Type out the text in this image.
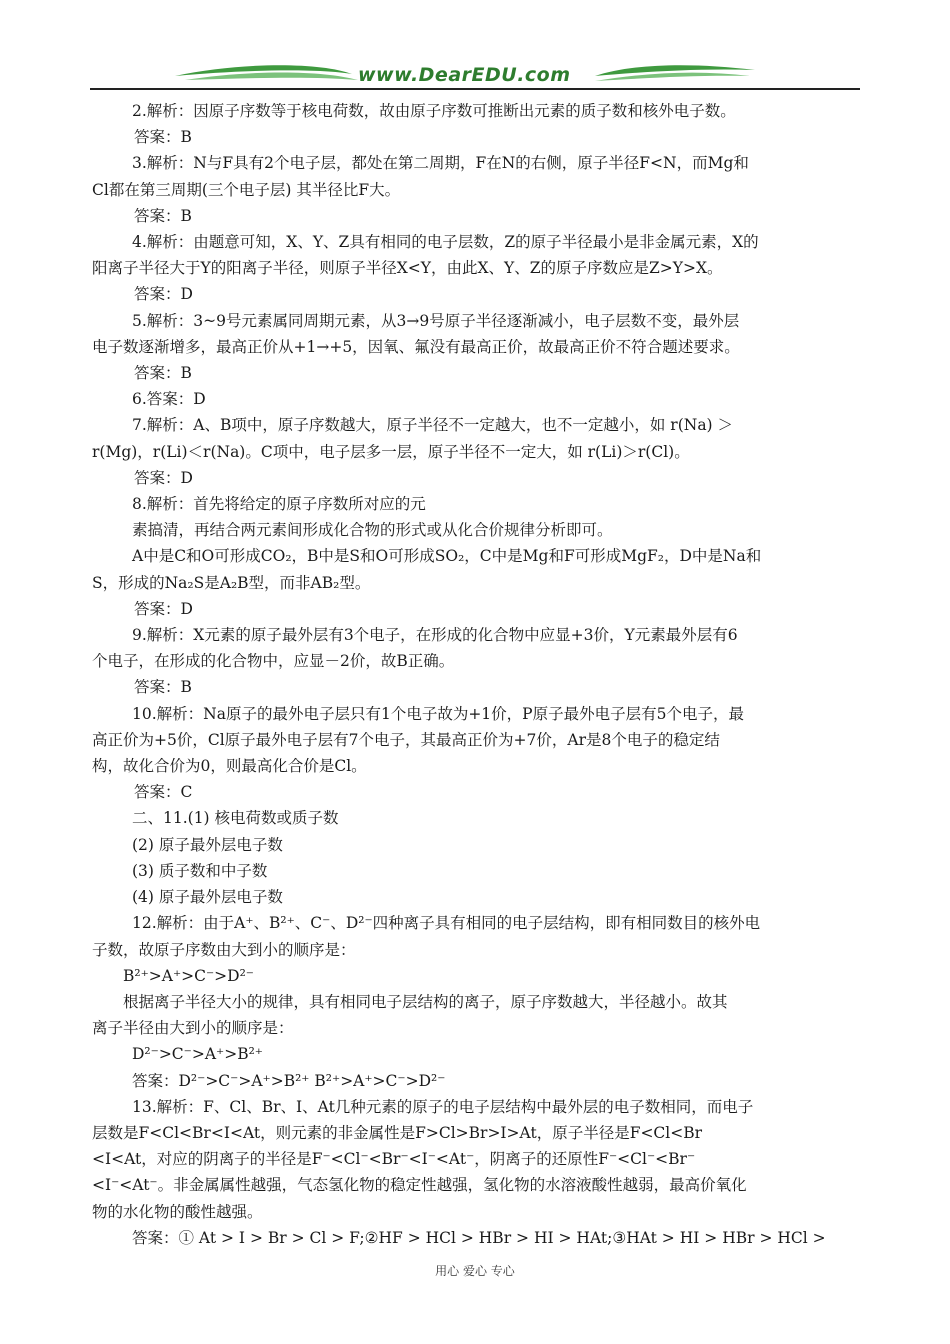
www.DearEDU.com

2.解析：因原子序数等于核电荷数，故由原子序数可推断出元素的质子数和核外电子数。

答案：B

3.解析：N与F具有2个电子层，都处在第二周期，F在N的右侧，原子半径F<N，而Mg和

Cl都在第三周期(三个电子层) 其半径比F大。

答案：B

4.解析：由题意可知，X、Y、Z具有相同的电子层数，Z的原子半径最小是非金属元素，X的

阳离子半径大于Y的阳离子半径，则原子半径X<Y，由此X、Y、Z的原子序数应是Z>Y>X。

答案：D

5.解析：3~9号元素属同周期元素，从3→9号原子半径逐渐减小，电子层数不变，最外层

电子数逐渐增多，最高正价从+1→+5，因氧、氟没有最高正价，故最高正价不符合题述要求。

答案：B

6.答案：D

7.解析：A、B项中，原子序数越大，原子半径不一定越大，也不一定越小，如 r(Na) ＞

r(Mg)，r(Li)＜r(Na)。C项中，电子层多一层，原子半径不一定大，如 r(Li)＞r(Cl)。

答案：D

8.解析：首先将给定的原子序数所对应的元

素搞清，再结合两元素间形成化合物的形式或从化合价规律分析即可。

A中是C和O可形成CO₂，B中是S和O可形成SO₂，C中是Mg和F可形成MgF₂，D中是Na和

S，形成的Na₂S是A₂B型，而非AB₂型。

答案：D

9.解析：X元素的原子最外层有3个电子，在形成的化合物中应显+3价，Y元素最外层有6

个电子，在形成的化合物中，应显－2价，故B正确。

答案：B

10.解析：Na原子的最外电子层只有1个电子故为+1价，P原子最外电子层有5个电子，最

高正价为+5价，Cl原子最外电子层有7个电子，其最高正价为+7价，Ar是8个电子的稳定结

构，故化合价为0，则最高化合价是Cl。

答案：C

二、11.(1) 核电荷数或质子数

(2) 原子最外层电子数

(3) 质子数和中子数

(4) 原子最外层电子数

12.解析：由于A⁺、B²⁺、C⁻、D²⁻四种离子具有相同的电子层结构，即有相同数目的核外电

子数，故原子序数由大到小的顺序是：

B²⁺>A⁺>C⁻>D²⁻

根据离子半径大小的规律，具有相同电子层结构的离子，原子序数越大，半径越小。故其

离子半径由大到小的顺序是：

D²⁻>C⁻>A⁺>B²⁺

答案：D²⁻>C⁻>A⁺>B²⁺ B²⁺>A⁺>C⁻>D²⁻

13.解析：F、Cl、Br、I、At几种元素的原子的电子层结构中最外层的电子数相同，而电子

层数是F<Cl<Br<I<At，则元素的非金属性是F>Cl>Br>I>At，原子半径是F<Cl<Br

<I<At，对应的阴离子的半径是F⁻<Cl⁻<Br⁻<I⁻<At⁻，阴离子的还原性F⁻<Cl⁻<Br⁻

<I⁻<At⁻。非金属属性越强，气态氢化物的稳定性越强，氢化物的水溶液酸性越弱，最高价氧化

物的水化物的酸性越强。

答案：① At > I > Br > Cl > F;②HF > HCl > HBr > HI > HAt;③HAt > HI > HBr > HCl >

用心 爱心 专心
